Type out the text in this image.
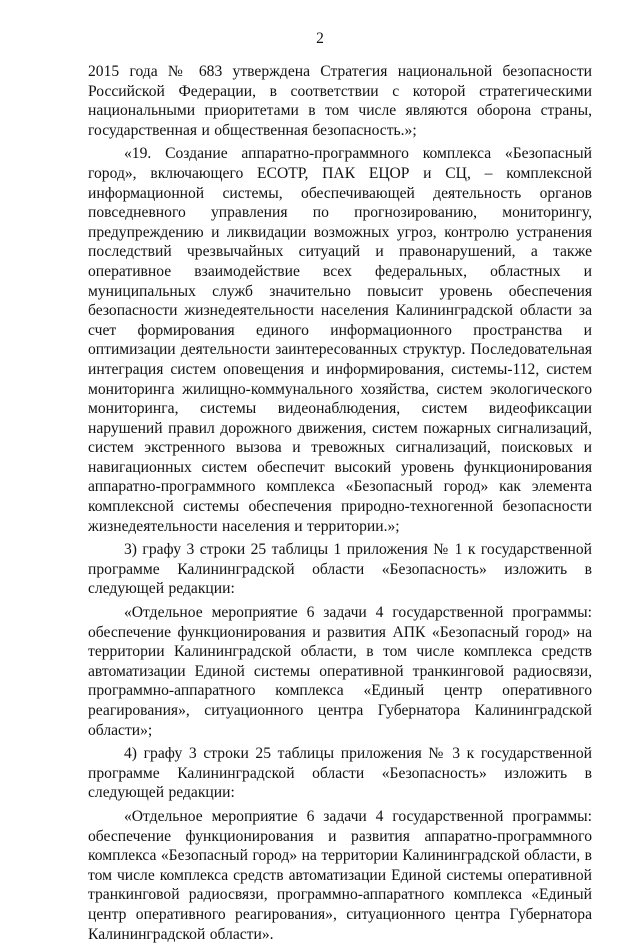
2

2015 года № 683 утверждена Стратегия национальной безопасности Российской Федерации, в соответствии с которой стратегическими национальными приоритетами в том числе являются оборона страны, государственная и общественная безопасность.»;

«19. Создание аппаратно-программного комплекса «Безопасный город», включающего ЕСОТР, ПАК ЕЦОР и СЦ, – комплексной информационной системы, обеспечивающей деятельность органов повседневного управления по прогнозированию, мониторингу, предупреждению и ликвидации возможных угроз, контролю устранения последствий чрезвычайных ситуаций и правонарушений, а также оперативное взаимодействие всех федеральных, областных и муниципальных служб значительно повысит уровень обеспечения безопасности жизнедеятельности населения Калининградской области за счет формирования единого информационного пространства и оптимизации деятельности заинтересованных структур. Последовательная интеграция систем оповещения и информирования, системы-112, систем мониторинга жилищно-коммунального хозяйства, систем экологического мониторинга, системы видеонаблюдения, систем видеофиксации нарушений правил дорожного движения, систем пожарных сигнализаций, систем экстренного вызова и тревожных сигнализаций, поисковых и навигационных систем обеспечит высокий уровень функционирования аппаратно-программного комплекса «Безопасный город» как элемента комплексной системы обеспечения природно-техногенной безопасности жизнедеятельности населения и территории.»;

3) графу 3 строки 25 таблицы 1 приложения № 1 к государственной программе Калининградской области «Безопасность» изложить в следующей редакции:

«Отдельное мероприятие 6 задачи 4 государственной программы: обеспечение функционирования и развития АПК «Безопасный город» на территории Калининградской области, в том числе комплекса средств автоматизации Единой системы оперативной транкинговой радиосвязи, программно-аппаратного комплекса «Единый центр оперативного реагирования», ситуационного центра Губернатора Калининградской области»;

4) графу 3 строки 25 таблицы приложения № 3 к государственной программе Калининградской области «Безопасность» изложить в следующей редакции:

«Отдельное мероприятие 6 задачи 4 государственной программы: обеспечение функционирования и развития аппаратно-программного комплекса «Безопасный город» на территории Калининградской области, в том числе комплекса средств автоматизации Единой системы оперативной транкинговой радиосвязи, программно-аппаратного комплекса «Единый центр оперативного реагирования», ситуационного центра Губернатора Калининградской области».
